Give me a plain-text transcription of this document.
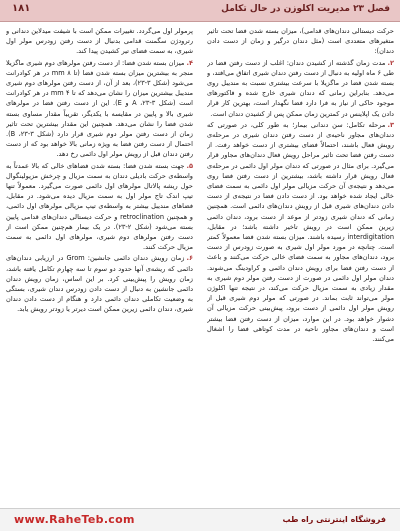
فصل ۲۳ مدیریت اکلوزن در حال تکامل
۱۸۱

حرکت دیستالی دندان‌های قدامی)، میزان بسته شدن فضا تحت تاثیر متغیرهای متعددی است (مثل دندان درگیر و زمان از دست دادن دندان):

۲.مدت زمان گذشته از کشیدن دندان: اغلب از دست رفتن فضا در طی ۶ ماه اولیه به دنبال از دست رفتن دندان شیری اتفاق می‌افتد، و بسته شدن فضا در ماگزیلا با سرعت بیشتری نسبت به مندیبل روی می‌دهد. بنابراین زمانی که دندان شیری خارج شده و فاکتورهای موجود حاکی از نیاز به فرا دارد فضا نگهدار است، بهترین کار قرار دادن یک اپلاینس در کمترین زمان ممکن پس از کشیدن دندان است.

۳.مرحله تکامل: سن دندانی بیمار؛ به طور کلی، در صورتی که دندان‌های مجاور ناحیه‌ی از دست رفتن دندان شیری در مرحله‌ی رویش فعال باشند، احتمالاً فضای بیشتری از دست خواهد رفت. از دست رفتن فضا تحت تاثیر مراحل رویش فعال دندان‌های مجاور قرار می‌گیرد. برای مثال در صورتی که دندان مولر اول دائمی در مرحله‌ی فعال رویش قرار داشته باشد، بیشترین از دست رفتن فضا روی می‌دهد و نتیجه‌ی آن حرکت مزیالی مولر اول دائمی به سمت فضای خالی ایجاد شده خواهد بود. از دست دادن فضا در نتیجه‌ی از دست دادن دندان‌های شیری قبل از رویش دندان‌های دائمی است. همچنین زمانی که دندان شیری زودتر از موعد از دست برود، دندان دائمی زیرین ممکن است در رویش تاخیر داشته باشد؛ در مقابل، interdigitation رسیده باشند. میزان بسته شدن فضا معمولاً کمتر است. چنانچه در مورد مولر اول شیری به صورت زودرس از دست برود، دندان‌های مجاور به سمت فضای خالی حرکت می‌کنند و باعث از دست رفتن فضا برای رویش دندان دائمی و کراودینگ می‌شوند. دندان مولر اول دائمی در صورت از دست رفتن مولر دوم شیری به مقدار زیادی به سمت مزیال حرکت می‌کند، در نتیجه تنها اکلوژن مولر می‌تواند ثابت بماند. در صورتی که مولر دوم شیری قبل از رویش مولر اول دائمی از دست برود، پیش‌بینی حرکت مزیالی آن دشوار خواهد بود. در این موارد، میزان از دست رفتن فضا بیشتر است و دندان‌های مجاور ناحیه در مدت کوتاهی فضا را اشغال می‌کنند.

پرمولر اول می‌گردد. تغییرات ممکن است با شیفت میدلاین دندانی و رترودژن سگمنت قدامی بدنبال از دست رفتن زودرس مولر اول شیری، به سمت فضای تیر کشیدن پیدا کند.

۴.میزان بسته شدن فضا: از دست رفتن مولرهای دوم شیری ماگزیلا منجر به بیشترین میزان بسته شدن فضا (تا ۸ mm در هر کوادرانت می‌شود (شکل ۳-۲۳)، بعد از آن، از دست رفتن مولرهای دوم شیری مندیبل بیشترین میزان را نشان می‌دهد که تا ۴ mm در هر کوادرانت است (شکل ۳-۲۳، A و E). این از دست رفتن فضا در مولرهای شیری بالا و پایین در مقایسه با یکدیگر، تقریباً مقدار مساوی بسته شدن فضا را نشان می‌دهد. همچنین این مقدار بیشترین تحت تاثیر زمان از دست رفتن مولر دوم شیری قرار دارد (شکل ۳-۲۳، B). احتمال از دست رفتن فضا به ویژه زمانی بالا خواهد بود که از دست رفتن دندان قبل از رویش مولر اول دائمی رخ دهد.

۵.جهت بسته شدن فضا: بسته شدن فضاهای خالی که بالا عمدتاً به واسطه‌ی حرکت بادیلی دندان به سمت مزیال و چرخش مزیولینگوال حول ریشه پالاتال مولرهای اول دائمی صورت می‌گیرد. معمولاً تنها تیپ اندک تاج مولر اول به سمت مزیال دیده می‌شود. در مقابل، فضاهای مندیبل بیشتر به واسطه‌ی تیپ مزیالی مولرهای اول دائمی، و همچنین retroclination و حرکت دیستالی دندان‌های قدامی پایین بسته می‌شود (شکل ۲-۲۳). در یک بیمار هم‌چنین ممکن است از دست رفتن مولرهای دوم شیری، مولرهای اول دائمی به سمت مزیال حرکت کنند.

۶.زمان رویش دندان دائمی جانشین: Grom در ارزیابی دندان‌های دائمی که ریشه‌ی آنها حدود دو سوم تا سه چهارم تکامل یافته باشد، زمان رویش را پیش‌بینی کرد. بر این اساس، زمان رویش دندان دائمی جانشین به دنبال از دست دادن زودرس دندان شیری، بستگی به وضعیت تکاملی دندان دائمی دارد و هنگام از دست دادن دندان شیری، دندان دائمی زیرین ممکن است دیرتر یا زودتر رویش یابد.

www.RaheTeb.com	فروشگاه اینترنتی راه طب
